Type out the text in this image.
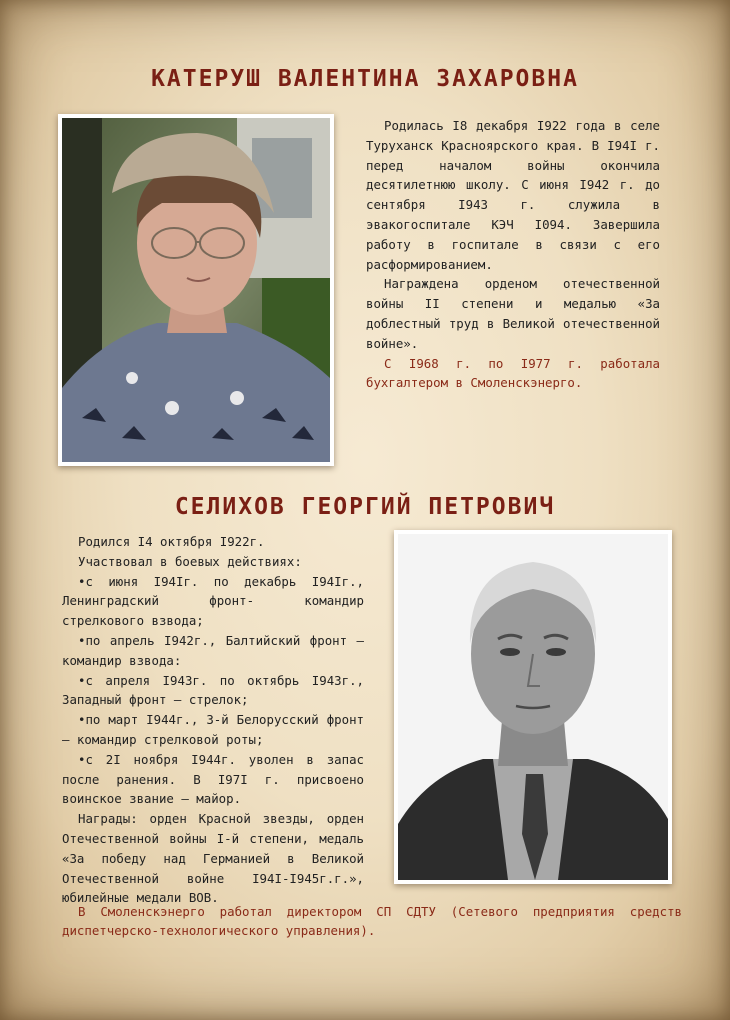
КАТЕРУШ ВАЛЕНТИНА ЗАХАРОВНА

Родилась I8 декабря I922 года в селе Туруханск Красноярского края. В I94I г. перед началом войны окончила десятилетнюю школу. С июня I942 г. до сентября I943 г. служила в эвакогоспитале КЭЧ I094. Завершила работу в госпитале в связи с его расформированием.

Награждена орденом отечественной войны II степени и медалью «За доблестный труд в Великой отечественной войне».

С I968 г. по I977 г. работала бухгалтером в Смоленскэнерго.

СЕЛИХОВ ГЕОРГИЙ ПЕТРОВИЧ

Родился I4 октября I922г.

Участвовал в боевых действиях:

•с июня I94Iг. по декабрь I94Iг., Ленинградский фронт- командир стрелкового взвода;

•по апрель I942г., Балтийский фронт – командир взвода:

•с апреля I943г. по октябрь I943г., Западный фронт – стрелок;

•по март I944г., 3-й Белорусский фронт – командир стрелковой роты;

•с 2I ноября I944г. уволен в запас после ранения. В I97I г. присвоено воинское звание – майор.

Награды: орден Красной звезды, орден Отечественной войны I-й степени, медаль «За победу над Германией в Великой Отечественной войне I94I-I945г.г.», юбилейные медали ВОВ.

В Смоленскэнерго работал директором СП СДТУ (Сетевого предприятия средств диспетчерско-технологического управления).
